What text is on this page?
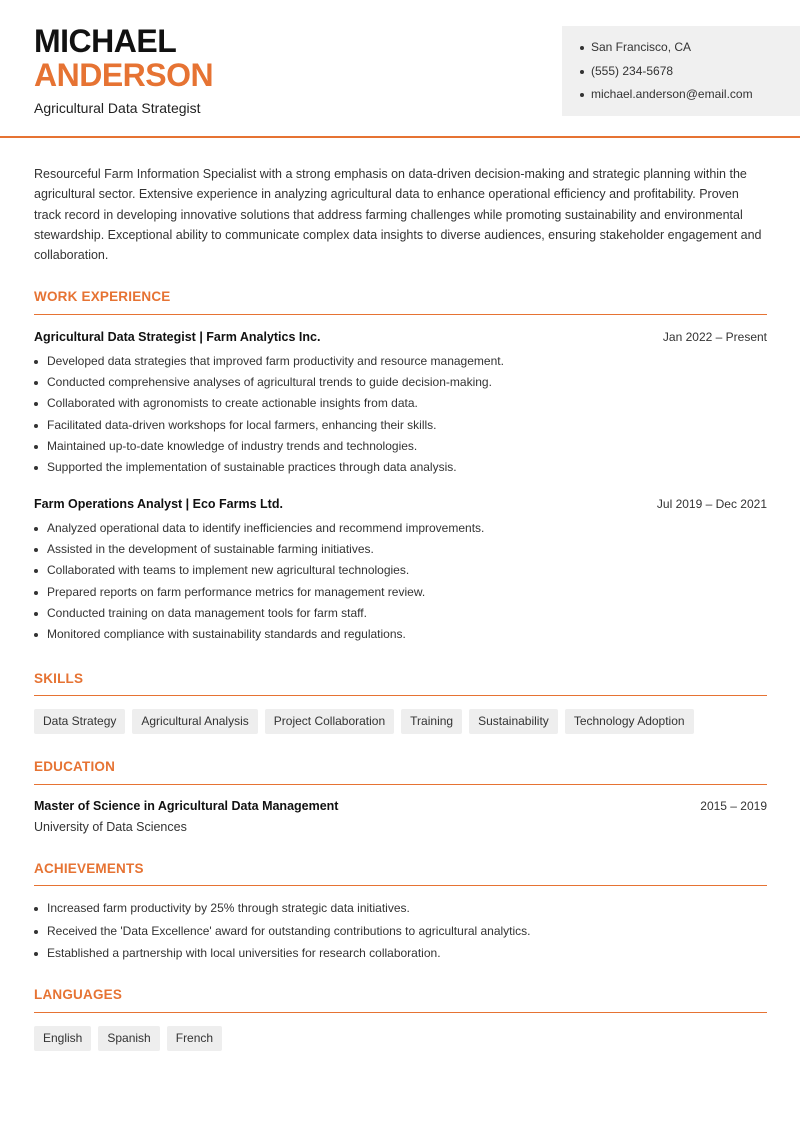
MICHAEL
ANDERSON
Agricultural Data Strategist
San Francisco, CA
(555) 234-5678
michael.anderson@email.com

Resourceful Farm Information Specialist with a strong emphasis on data-driven decision-making and strategic planning within the agricultural sector. Extensive experience in analyzing agricultural data to enhance operational efficiency and profitability. Proven track record in developing innovative solutions that address farming challenges while promoting sustainability and environmental stewardship. Exceptional ability to communicate complex data insights to diverse audiences, ensuring stakeholder engagement and collaboration.

WORK EXPERIENCE
Agricultural Data Strategist | Farm Analytics Inc.	Jan 2022 – Present
Developed data strategies that improved farm productivity and resource management.
Conducted comprehensive analyses of agricultural trends to guide decision-making.
Collaborated with agronomists to create actionable insights from data.
Facilitated data-driven workshops for local farmers, enhancing their skills.
Maintained up-to-date knowledge of industry trends and technologies.
Supported the implementation of sustainable practices through data analysis.
Farm Operations Analyst | Eco Farms Ltd.	Jul 2019 – Dec 2021
Analyzed operational data to identify inefficiencies and recommend improvements.
Assisted in the development of sustainable farming initiatives.
Collaborated with teams to implement new agricultural technologies.
Prepared reports on farm performance metrics for management review.
Conducted training on data management tools for farm staff.
Monitored compliance with sustainability standards and regulations.
SKILLS
Data Strategy	Agricultural Analysis	Project Collaboration	Training	Sustainability	Technology Adoption
EDUCATION
Master of Science in Agricultural Data Management	2015 – 2019
University of Data Sciences
ACHIEVEMENTS
Increased farm productivity by 25% through strategic data initiatives.
Received the 'Data Excellence' award for outstanding contributions to agricultural analytics.
Established a partnership with local universities for research collaboration.
LANGUAGES
English	Spanish	French
